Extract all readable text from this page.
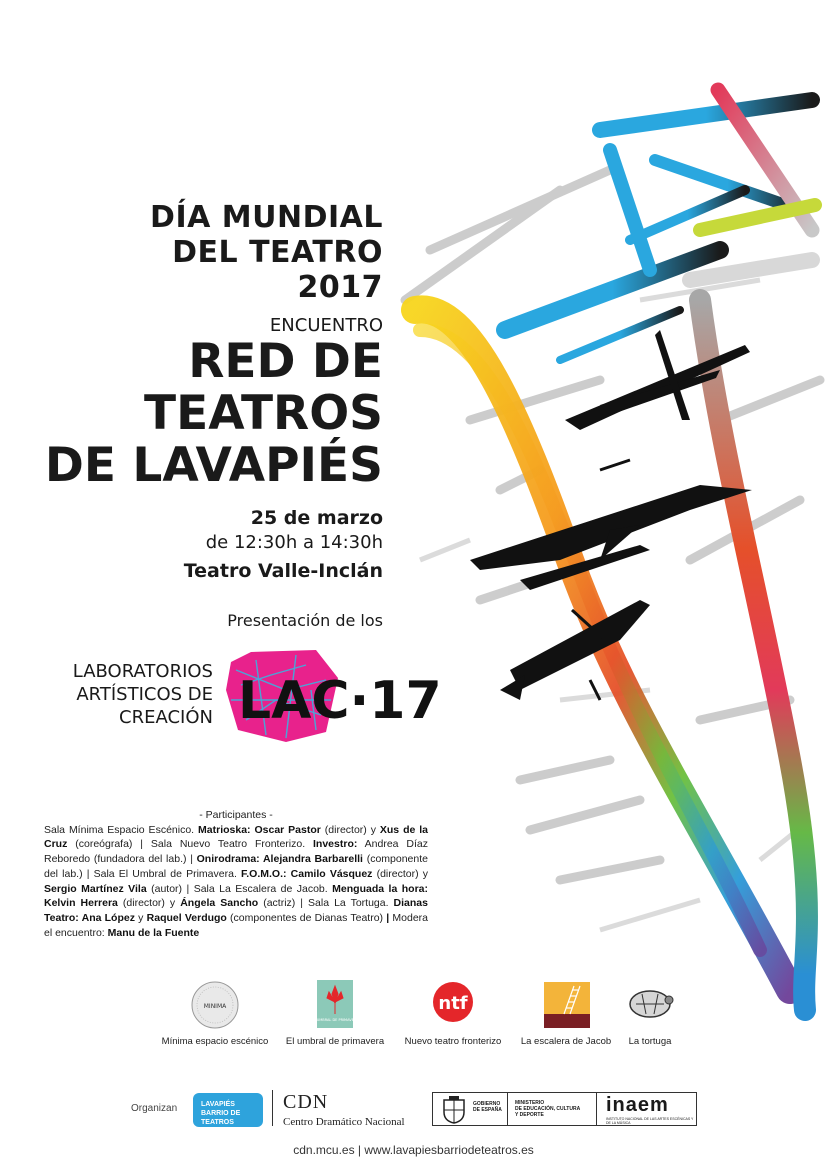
DÍA MUNDIAL
DEL TEATRO
2017
ENCUENTRO
RED DE
TEATROS
DE LAVAPIÉS
25 de marzo
de 12:30h a 14:30h
Teatro Valle-Inclán
Presentación de los
LABORATORIOS
ARTÍSTICOS DE
CREACIÓN LAC·17
- Participantes -
Sala Mínima Espacio Escénico. Matrioska: Oscar Pastor (director) y Xus de la Cruz (coreógrafa) | Sala Nuevo Teatro Fronterizo. Investro: Andrea Díaz Reboredo (fundadora del lab.) | Onirodrama: Alejandra Barbarelli (componente del lab.) | Sala El Umbral de Primavera. F.O.M.O.: Camilo Vásquez (director) y Sergio Martínez Vila (autor) | Sala La Escalera de Jacob. Menguada la hora: Kelvin Herrera (director) y Ángela Sancho (actriz) | Sala La Tortuga. Dianas Teatro: Ana López y Raquel Verdugo (componentes de Dianas Teatro) | Modera el encuentro: Manu de la Fuente
MINIMA
Mínima espacio escénico
EL UMBRAL DE PRIMAVERA
El umbral de primavera
ntf
Nuevo teatro fronterizo La escalera de Jacob La tortuga
Organizan	LAVAPIÉS
BARRIO DE
TEATROS
CDN
Centro Dramático Nacional
GOBIERNO
DE ESPAÑA
MINISTERIO
DE EDUCACIÓN, CULTURA
Y DEPORTE	inaem
INSTITUTO NACIONAL DE LAS ARTES ESCÉNICAS Y DE LA MÚSICA
cdn.mcu.es | www.lavapiesbarriodeteatros.es
